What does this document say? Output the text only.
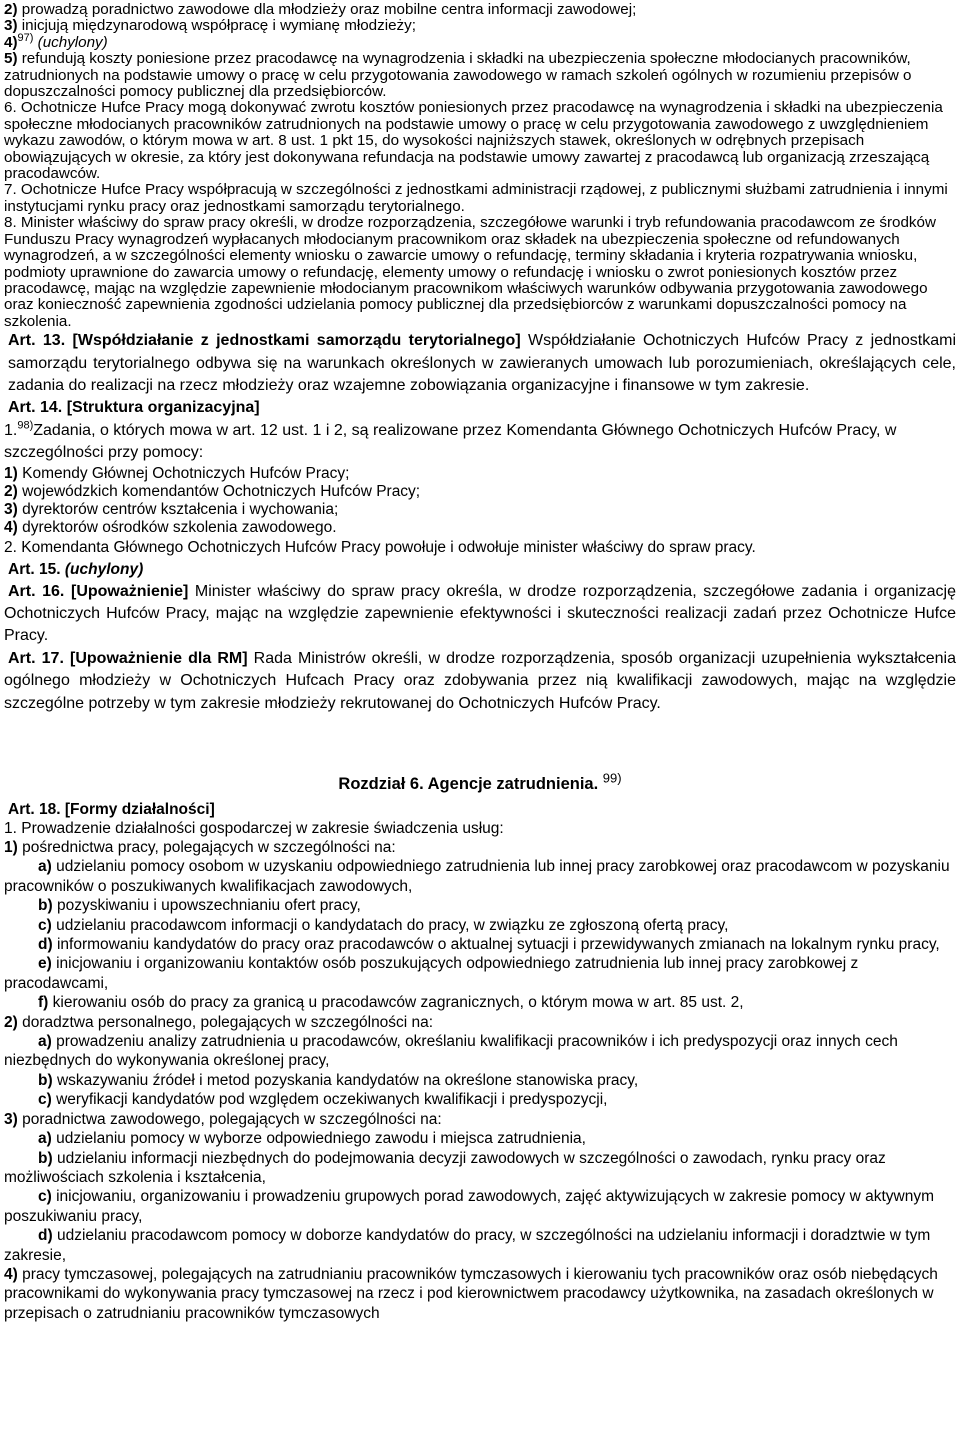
2) prowadzą poradnictwo zawodowe dla młodzieży oraz mobilne centra informacji zawodowej;

3) inicjują międzynarodową współpracę i wymianę młodzieży;

4)$^{97)}$ (uchylony)

5) refundują koszty poniesione przez pracodawcę na wynagrodzenia i składki na ubezpieczenia społeczne młodocianych pracowników, zatrudnionych na podstawie umowy o pracę w celu przygotowania zawodowego w ramach szkoleń ogólnych w rozumieniu przepisów o dopuszczalności pomocy publicznej dla przedsiębiorców.

6. Ochotnicze Hufce Pracy mogą dokonywać zwrotu kosztów poniesionych przez pracodawcę na wynagrodzenia i składki na ubezpieczenia społeczne młodocianych pracowników zatrudnionych na podstawie umowy o pracę w celu przygotowania zawodowego z uwzględnieniem wykazu zawodów, o którym mowa w art. 8 ust. 1 pkt 15, do wysokości najniższych stawek, określonych w odrębnych przepisach obowiązujących w okresie, za który jest dokonywana refundacja na podstawie umowy zawartej z pracodawcą lub organizacją zrzeszającą pracodawców.

7. Ochotnicze Hufce Pracy współpracują w szczególności z jednostkami administracji rządowej, z publicznymi służbami zatrudnienia i innymi instytucjami rynku pracy oraz jednostkami samorządu terytorialnego.

8. Minister właściwy do spraw pracy określi, w drodze rozporządzenia, szczegółowe warunki i tryb refundowania pracodawcom ze środków Funduszu Pracy wynagrodzeń wypłacanych młodocianym pracownikom oraz składek na ubezpieczenia społeczne od refundowanych wynagrodzeń, a w szczególności elementy wniosku o zawarcie umowy o refundację, terminy składania i kryteria rozpatrywania wniosku, podmioty uprawnione do zawarcia umowy o refundację, elementy umowy o refundację i wniosku o zwrot poniesionych kosztów przez pracodawcę, mając na względzie zapewnienie młodocianym pracownikom właściwych warunków odbywania przygotowania zawodowego oraz konieczność zapewnienia zgodności udzielania pomocy publicznej dla przedsiębiorców z warunkami dopuszczalności pomocy na szkolenia.

Art. 13. [Współdziałanie z jednostkami samorządu terytorialnego] Współdziałanie Ochotniczych Hufców Pracy z jednostkami samorządu terytorialnego odbywa się na warunkach określonych w zawieranych umowach lub porozumieniach, określających cele, zadania do realizacji na rzecz młodzieży oraz wzajemne zobowiązania organizacyjne i finansowe w tym zakresie.

Art. 14. [Struktura organizacyjna]

1.$^{98)}$Zadania, o których mowa w art. 12 ust. 1 i 2, są realizowane przez Komendanta Głównego Ochotniczych Hufców Pracy, w szczególności przy pomocy:

1) Komendy Głównej Ochotniczych Hufców Pracy;

2) wojewódzkich komendantów Ochotniczych Hufców Pracy;

3) dyrektorów centrów kształcenia i wychowania;

4) dyrektorów ośrodków szkolenia zawodowego.

2. Komendanta Głównego Ochotniczych Hufców Pracy powołuje i odwołuje minister właściwy do spraw pracy.

Art. 15. (uchylony)

Art. 16. [Upoważnienie] Minister właściwy do spraw pracy określa, w drodze rozporządzenia, szczegółowe zadania i organizację Ochotniczych Hufców Pracy, mając na względzie zapewnienie efektywności i skuteczności realizacji zadań przez Ochotnicze Hufce Pracy.

Art. 17. [Upoważnienie dla RM] Rada Ministrów określi, w drodze rozporządzenia, sposób organizacji uzupełnienia wykształcenia ogólnego młodzieży w Ochotniczych Hufcach Pracy oraz zdobywania przez nią kwalifikacji zawodowych, mając na względzie szczególne potrzeby w tym zakresie młodzieży rekrutowanej do Ochotniczych Hufców Pracy.

Rozdział 6. Agencje zatrudnienia. $^{99)}$

Art. 18. [Formy działalności]

1. Prowadzenie działalności gospodarczej w zakresie świadczenia usług:

1) pośrednictwa pracy, polegających w szczególności na:

a) udzielaniu pomocy osobom w uzyskaniu odpowiedniego zatrudnienia lub innej pracy zarobkowej oraz pracodawcom w pozyskaniu pracowników o poszukiwanych kwalifikacjach zawodowych,

b) pozyskiwaniu i upowszechnianiu ofert pracy,

c) udzielaniu pracodawcom informacji o kandydatach do pracy, w związku ze zgłoszoną ofertą pracy,

d) informowaniu kandydatów do pracy oraz pracodawców o aktualnej sytuacji i przewidywanych zmianach na lokalnym rynku pracy,

e) inicjowaniu i organizowaniu kontaktów osób poszukujących odpowiedniego zatrudnienia lub innej pracy zarobkowej z pracodawcami,

f) kierowaniu osób do pracy za granicą u pracodawców zagranicznych, o którym mowa w art. 85 ust. 2,

2) doradztwa personalnego, polegających w szczególności na:

a) prowadzeniu analizy zatrudnienia u pracodawców, określaniu kwalifikacji pracowników i ich predyspozycji oraz innych cech niezbędnych do wykonywania określonej pracy,

b) wskazywaniu źródeł i metod pozyskania kandydatów na określone stanowiska pracy,

c) weryfikacji kandydatów pod względem oczekiwanych kwalifikacji i predyspozycji,

3) poradnictwa zawodowego, polegających w szczególności na:

a) udzielaniu pomocy w wyborze odpowiedniego zawodu i miejsca zatrudnienia,

b) udzielaniu informacji niezbędnych do podejmowania decyzji zawodowych w szczególności o zawodach, rynku pracy oraz możliwościach szkolenia i kształcenia,

c) inicjowaniu, organizowaniu i prowadzeniu grupowych porad zawodowych, zajęć aktywizujących w zakresie pomocy w aktywnym poszukiwaniu pracy,

d) udzielaniu pracodawcom pomocy w doborze kandydatów do pracy, w szczególności na udzielaniu informacji i doradztwie w tym zakresie,

4) pracy tymczasowej, polegających na zatrudnianiu pracowników tymczasowych i kierowaniu tych pracowników oraz osób niebędących pracownikami do wykonywania pracy tymczasowej na rzecz i pod kierownictwem pracodawcy użytkownika, na zasadach określonych w przepisach o zatrudnianiu pracowników tymczasowych
